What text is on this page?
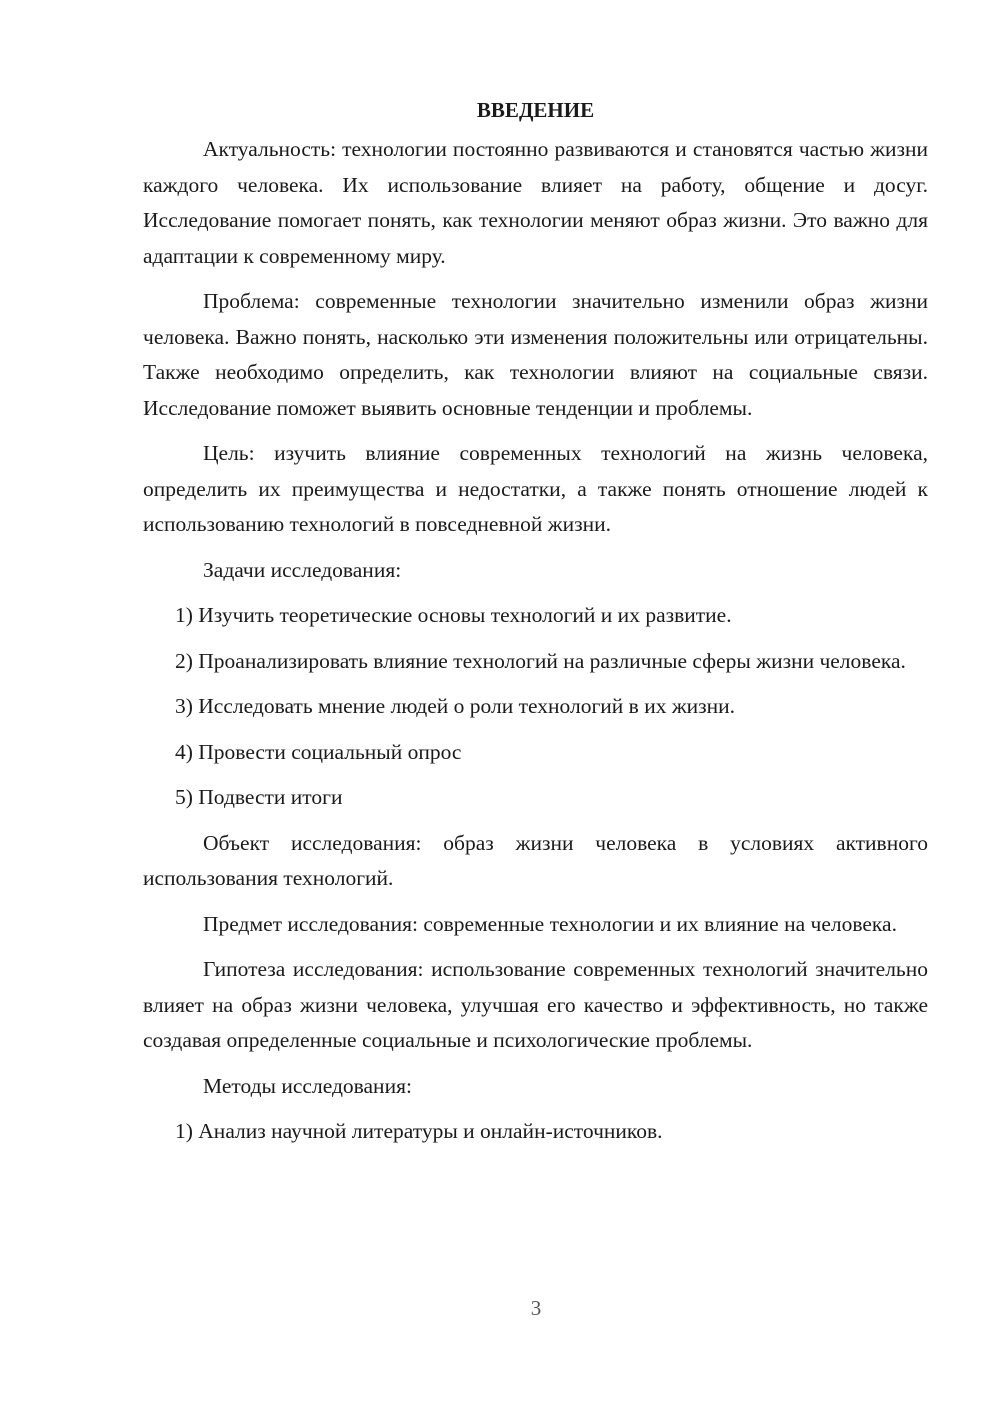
ВВЕДЕНИЕ

Актуальность: технологии постоянно развиваются и становятся частью жизни каждого человека. Их использование влияет на работу, общение и досуг. Исследование помогает понять, как технологии меняют образ жизни. Это важно для адаптации к современному миру.

Проблема: современные технологии значительно изменили образ жизни человека. Важно понять, насколько эти изменения положительны или отрицательны. Также необходимо определить, как технологии влияют на социальные связи. Исследование поможет выявить основные тенденции и проблемы.

Цель: изучить влияние современных технологий на жизнь человека, определить их преимущества и недостатки, а также понять отношение людей к использованию технологий в повседневной жизни.

Задачи исследования:

1) Изучить теоретические основы технологий и их развитие.

2) Проанализировать влияние технологий на различные сферы жизни человека.

3) Исследовать мнение людей о роли технологий в их жизни.

4) Провести социальный опрос

5) Подвести итоги

Объект исследования: образ жизни человека в условиях активного использования технологий.

Предмет исследования: современные технологии и их влияние на человека.

Гипотеза исследования: использование современных технологий значительно влияет на образ жизни человека, улучшая его качество и эффективность, но также создавая определенные социальные и психологические проблемы.

Методы исследования:

1) Анализ научной литературы и онлайн-источников.

3
